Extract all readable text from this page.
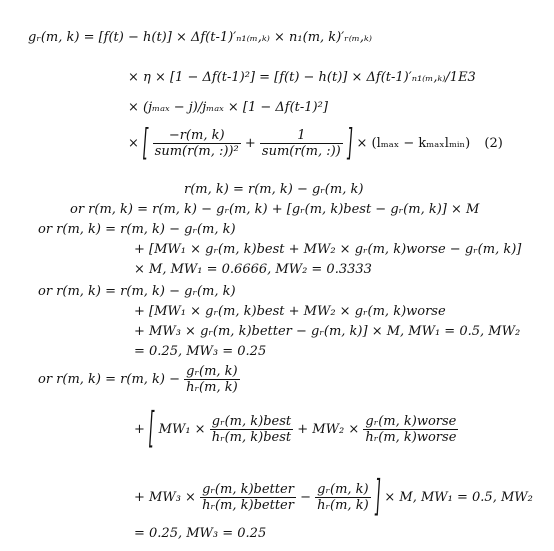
gᵣ(m, k) = [f(t) − h(t)] × Δf(t-1)′ₙ₁₍ₘ,ₖ₎ × n₁(m, k)′ᵣ₍ₘ,ₖ₎
× η × [1 − Δf(t-1)²] = [f(t) − h(t)] × Δf(t-1)′ₙ₁₍ₘ,ₖ₎/1E3
× (jₘₐₓ − j)/jₘₐₓ × [1 − Δf(t-1)²]
× [ $\frac{-r(m, k)}{\text{sum(r(m, :))²}} + \frac{1}{\text{sum(r(m, :))}}$ ] × (lₘₐₓ − kₘₐₓlₘᵢₙ) (2)
r(m, k) = r(m, k) − gᵣ(m, k)
or r(m, k) = r(m, k) − gᵣ(m, k) + [gᵣ(m, k)best − gᵣ(m, k)] × M
or r(m, k) = r(m, k) − gᵣ(m, k)
+ [MW₁ × gᵣ(m, k)best + MW₂ × gᵣ(m, k)worse − gᵣ(m, k)]
× M, MW₁ = 0.6666, MW₂ = 0.3333
or r(m, k) = r(m, k) − gᵣ(m, k)
+ [MW₁ × gᵣ(m, k)best + MW₂ × gᵣ(m, k)worse
+ MW₃ × gᵣ(m, k)better − gᵣ(m, k)] × M, MW₁ = 0.5, MW₂
= 0.25, MW₃ = 0.25
or r(m, k) = r(m, $k) - \frac{\text{gᵣ(m, k)}}{\text{hᵣ(m, k)}}$
+ [ $MW_1 \times \frac{\text{gᵣ(m, k)best}}{\text{hᵣ(m, k)best}} + MW_2 \times \frac{\text{gᵣ(m, k)worse}}{\text{hᵣ(m, k)worse}}$
+ $MW_3 \times \frac{\text{gᵣ(m, k)better}}{\text{hᵣ(m, k)better}} - \frac{\text{gᵣ(m, k)}}{\text{hᵣ(m, k)}}$ ] × M, MW₁ = 0.5, MW₂
= 0.25, MW₃ = 0.25
